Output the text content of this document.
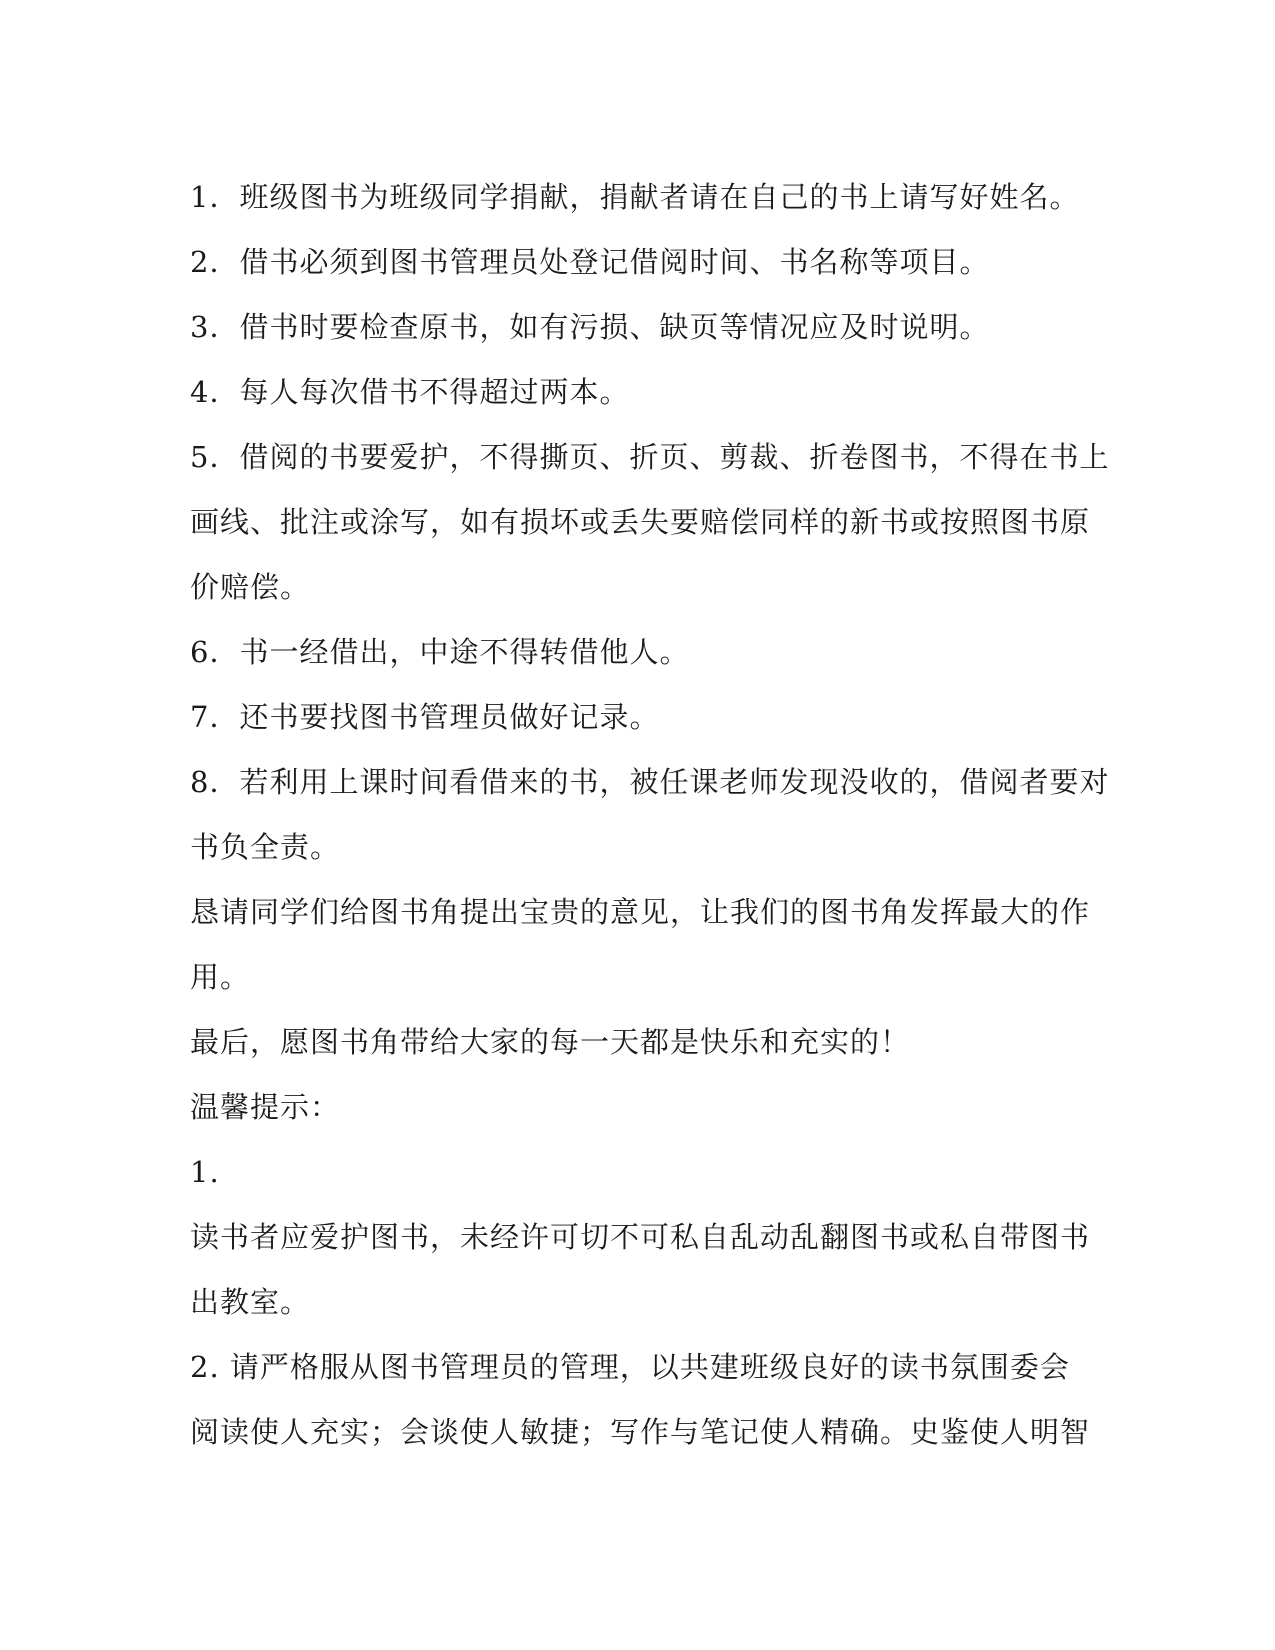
1．班级图书为班级同学捐献，捐献者请在自己的书上请写好姓名。
2．借书必须到图书管理员处登记借阅时间、书名称等项目。
3．借书时要检查原书，如有污损、缺页等情况应及时说明。
4．每人每次借书不得超过两本。
5．借阅的书要爱护，不得撕页、折页、剪裁、折卷图书，不得在书上
画线、批注或涂写，如有损坏或丢失要赔偿同样的新书或按照图书原
价赔偿。
6．书一经借出，中途不得转借他人。
7．还书要找图书管理员做好记录。
8．若利用上课时间看借来的书，被任课老师发现没收的，借阅者要对
书负全责。
恳请同学们给图书角提出宝贵的意见，让我们的图书角发挥最大的作
用。
最后，愿图书角带给大家的每一天都是快乐和充实的！
温馨提示：
1.
读书者应爱护图书，未经许可切不可私自乱动乱翻图书或私自带图书
出教室。
2. 请严格服从图书管理员的管理，以共建班级良好的读书氛围委会
阅读使人充实；会谈使人敏捷；写作与笔记使人精确。史鉴使人明智
